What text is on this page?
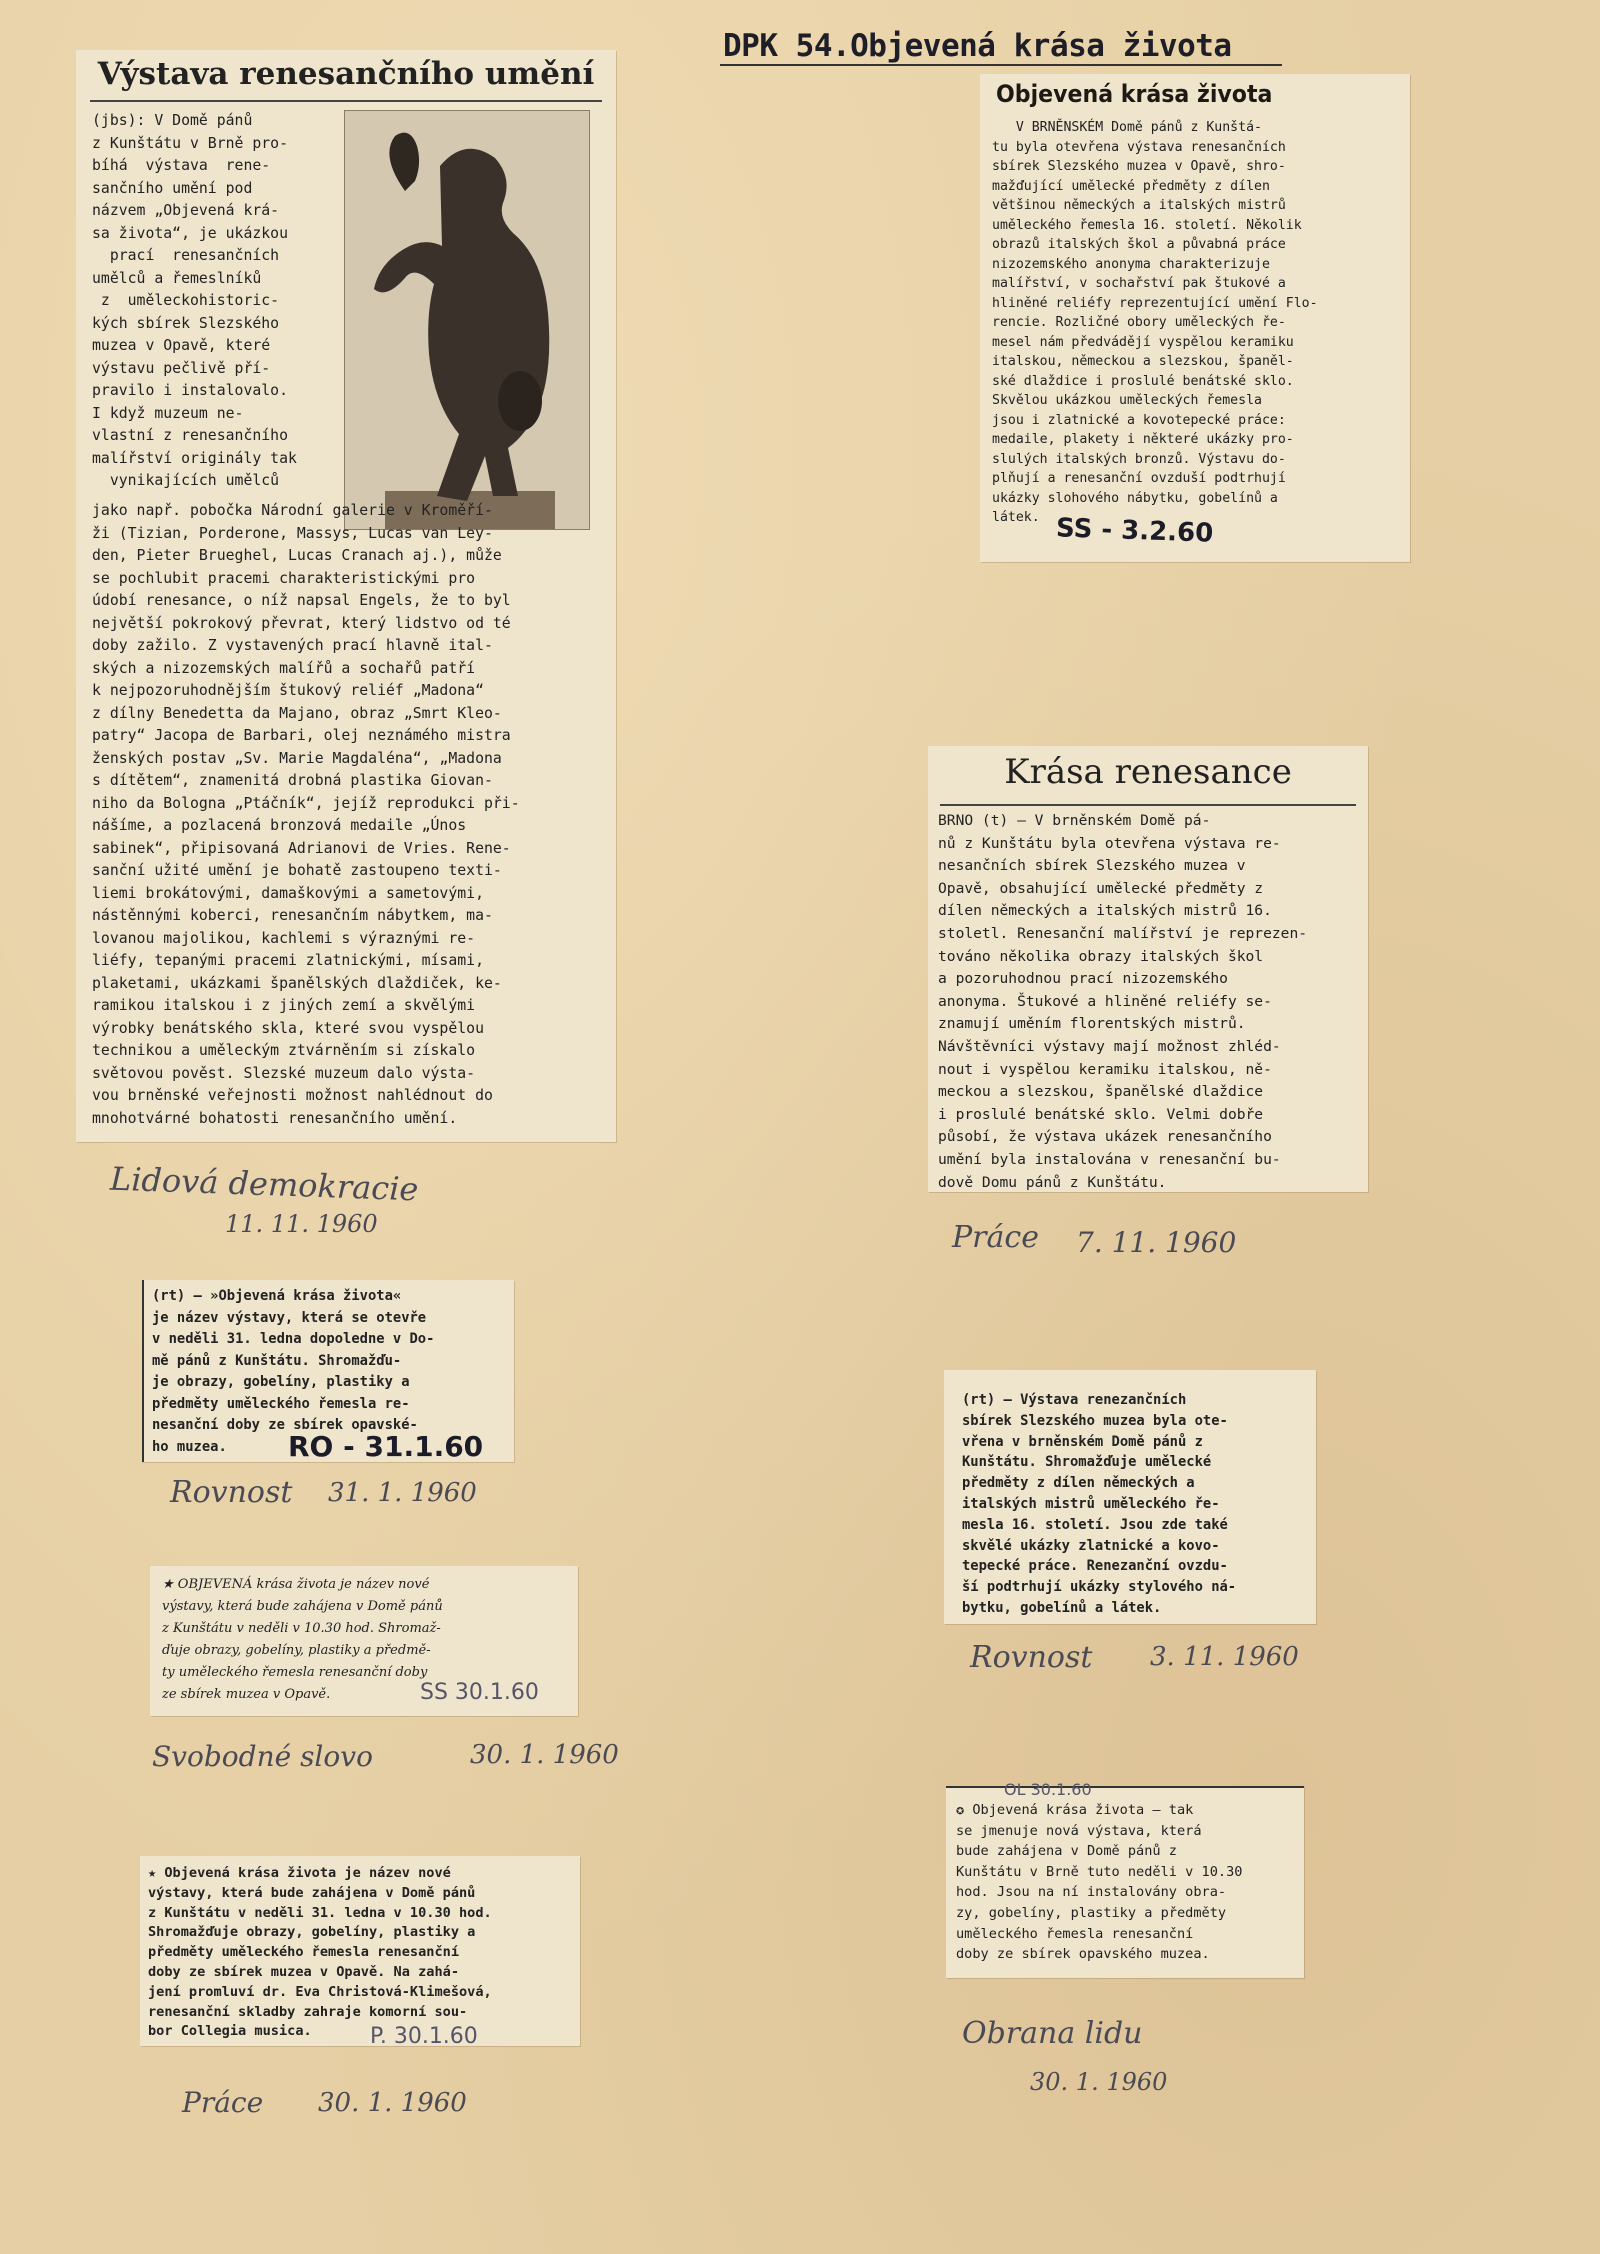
DPK 54.Objevená krása života
Výstava renesančního umění
(jbs): V Domě pánů
z Kunštátu v Brně pro-
bíhá  výstava  rene-
sančního umění pod
názvem „Objevená krá-
sa života“, je ukázkou
prací  renesančních
umělců a řemeslníků
z  uměleckohistoric-
kých sbírek Slezského
muzea v Opavě, které
výstavu pečlivě pří-
pravilo i instalovalo.
I když muzeum ne-
vlastní z renesančního
malířství originály tak
vynikajících umělců
jako např. pobočka Národní galerie v Kroměří-
ži (Tizian, Porderone, Massys, Lucas van Ley-
den, Pieter Brueghel, Lucas Cranach aj.), může
se pochlubit pracemi charakteristickými pro
údobí renesance, o níž napsal Engels, že to byl
největší pokrokový převrat, který lidstvo od té
doby zažilo. Z vystavených prací hlavně ital-
ských a nizozemských malířů a sochařů patří
k nejpozoruhodnějším štukový reliéf „Madona“
z dílny Benedetta da Majano, obraz „Smrt Kleo-
patry“ Jacopa de Barbari, olej neznámého mistra
ženských postav „Sv. Marie Magdaléna“, „Madona
s dítětem“, znamenitá drobná plastika Giovan-
niho da Bologna „Ptáčník“, jejíž reprodukci při-
nášíme, a pozlacená bronzová medaile „Únos
sabinek“, připisovaná Adrianovi de Vries. Rene-
sanční užité umění je bohatě zastoupeno texti-
liemi brokátovými, damaškovými a sametovými,
nástěnnými koberci, renesančním nábytkem, ma-
lovanou majolikou, kachlemi s výraznými re-
liéfy, tepanými pracemi zlatnickými, mísami,
plaketami, ukázkami španělských dlaždiček, ke-
ramikou italskou i z jiných zemí a skvělými
výrobky benátského skla, které svou vyspělou
technikou a uměleckým ztvárněním si získalo
světovou pověst. Slezské muzeum dalo výsta-
vou brněnské veřejnosti možnost nahlédnout do
mnohotvárné bohatosti renesančního umění.
Lidová demokracie
11. 11. 1960
Objevená krása života
V BRNĚNSKÉM Domě pánů z Kunštá-
tu byla otevřena výstava renesančních
sbírek Slezského muzea v Opavě, shro-
mažďující umělecké předměty z dílen
většinou německých a italských mistrů
uměleckého řemesla 16. století. Několik
obrazů italských škol a půvabná práce
nizozemského anonyma charakterizuje
malířství, v sochařství pak štukové a
hliněné reliéfy reprezentující umění Flo-
rencie. Rozličné obory uměleckých ře-
mesel nám předvádějí vyspělou keramiku
italskou, německou a slezskou, španěl-
ské dlaždice i proslulé benátské sklo.
Skvělou ukázkou uměleckých řemesla
jsou i zlatnické a kovotepecké práce:
medaile, plakety i některé ukázky pro-
slulých italských bronzů. Výstavu do-
plňují a renesanční ovzduší podtrhují
ukázky slohového nábytku, gobelínů a
látek. SS - 3.2.60
Krása renesance
BRNO (t) — V brněnském Domě pá-
nů z Kunštátu byla otevřena výstava re-
nesančních sbírek Slezského muzea v
Opavě, obsahující umělecké předměty z
dílen německých a italských mistrů 16.
stoletl. Renesanční malířství je reprezen-
továno několika obrazy italských škol
a pozoruhodnou prací nizozemského
anonyma. Štukové a hliněné reliéfy se-
znamují uměním florentských mistrů.
Návštěvníci výstavy mají možnost zhléd-
nout i vyspělou keramiku italskou, ně-
meckou a slezskou, španělské dlaždice
i proslulé benátské sklo. Velmi dobře
působí, že výstava ukázek renesančního
umění byla instalována v renesanční bu-
dově Domu pánů z Kunštátu.
Práce 7. 11. 1960
(rt) — »Objevená krása života«
je název výstavy, která se otevře
v neděli 31. ledna dopoledne v Do-
mě pánů z Kunštátu. Shromažďu-
je obrazy, gobelíny, plastiky a
předměty uměleckého řemesla re-
nesanční doby ze sbírek opavské-
ho muzea.	RO - 31.1.60
Rovnost 31. 1. 1960
(rt) — Výstava renezančních
sbírek Slezského muzea byla ote-
vřena v brněnském Domě pánů z
Kunštátu. Shromažďuje umělecké
předměty z dílen německých a
italských mistrů uměleckého ře-
mesla 16. století. Jsou zde také
skvělé ukázky zlatnické a kovo-
tepecké práce. Renezanční ovzdu-
ší podtrhují ukázky stylového ná-
bytku, gobelínů a látek.
Rovnost 3. 11. 1960
★ OBJEVENÁ krása života je název nové
výstavy, která bude zahájena v Domě pánů
z Kunštátu v neděli v 10.30 hod. Shromaž-
ďuje obrazy, gobelíny, plastiky a předmě-
ty uměleckého řemesla renesanční doby
ze sbírek muzea v Opavě.	SS 30.1.60
Svobodné slovo	30. 1. 1960
★ Objevená krása života je název nové
výstavy, která bude zahájena v Domě pánů
z Kunštátu v neděli 31. ledna v 10.30 hod.
Shromažďuje obrazy, gobelíny, plastiky a
předměty uměleckého řemesla renesanční
doby ze sbírek muzea v Opavě. Na zahá-
jení promluví dr. Eva Christová-Klimešová,
renesanční skladby zahraje komorní sou-
bor Collegia musica.	P. 30.1.60
Práce 30. 1. 1960
✪ Objevená krása života — tak
se jmenuje nová výstava, která
bude zahájena v Domě pánů z
Kunštátu v Brně tuto neděli v 10.30
hod. Jsou na ní instalovány obra-
zy, gobelíny, plastiky a předměty
uměleckého řemesla renesanční
doby ze sbírek opavského muzea.
OL 30.1.60
Obrana lidu
30. 1. 1960
